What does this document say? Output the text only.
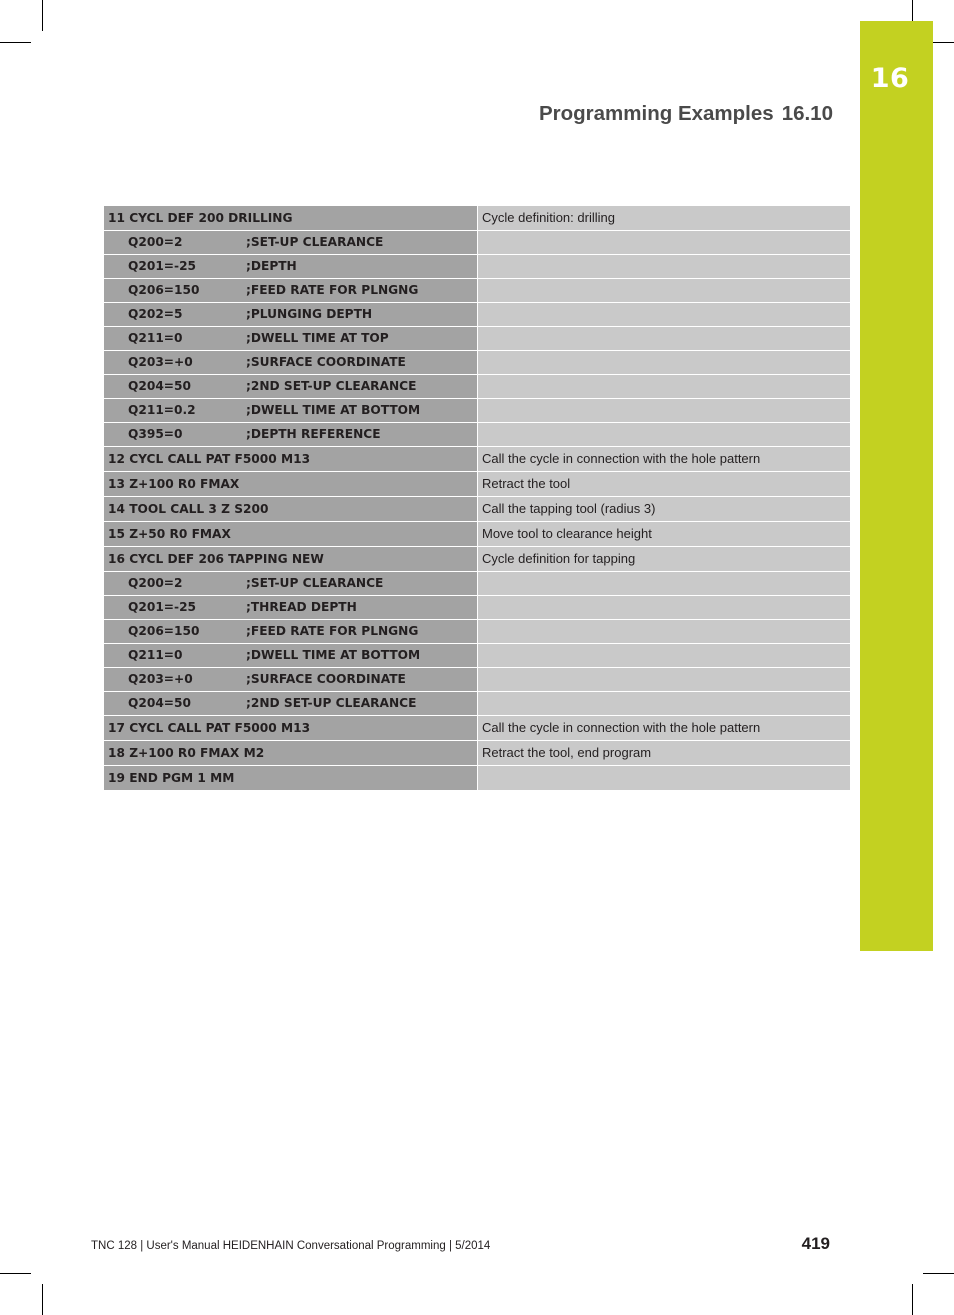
16
Programming Examples 16.10
11 CYCL DEF 200 DRILLING	Cycle definition: drilling
Q200=2 ;SET-UP CLEARANCE	
Q201=-25 ;DEPTH	
Q206=150 ;FEED RATE FOR PLNGNG	
Q202=5 ;PLUNGING DEPTH	
Q211=0 ;DWELL TIME AT TOP	
Q203=+0 ;SURFACE COORDINATE	
Q204=50 ;2ND SET-UP CLEARANCE	
Q211=0.2 ;DWELL TIME AT BOTTOM	
Q395=0 ;DEPTH REFERENCE	
12 CYCL CALL PAT F5000 M13	Call the cycle in connection with the hole pattern
13 Z+100 R0 FMAX	Retract the tool
14 TOOL CALL 3 Z S200	Call the tapping tool (radius 3)
15 Z+50 R0 FMAX	Move tool to clearance height
16 CYCL DEF 206 TAPPING NEW	Cycle definition for tapping
Q200=2 ;SET-UP CLEARANCE	
Q201=-25 ;THREAD DEPTH	
Q206=150 ;FEED RATE FOR PLNGNG	
Q211=0 ;DWELL TIME AT BOTTOM	
Q203=+0 ;SURFACE COORDINATE	
Q204=50 ;2ND SET-UP CLEARANCE	
17 CYCL CALL PAT F5000 M13	Call the cycle in connection with the hole pattern
18 Z+100 R0 FMAX M2	Retract the tool, end program
19 END PGM 1 MM	
TNC 128 | User's Manual HEIDENHAIN Conversational Programming | 5/2014	419
